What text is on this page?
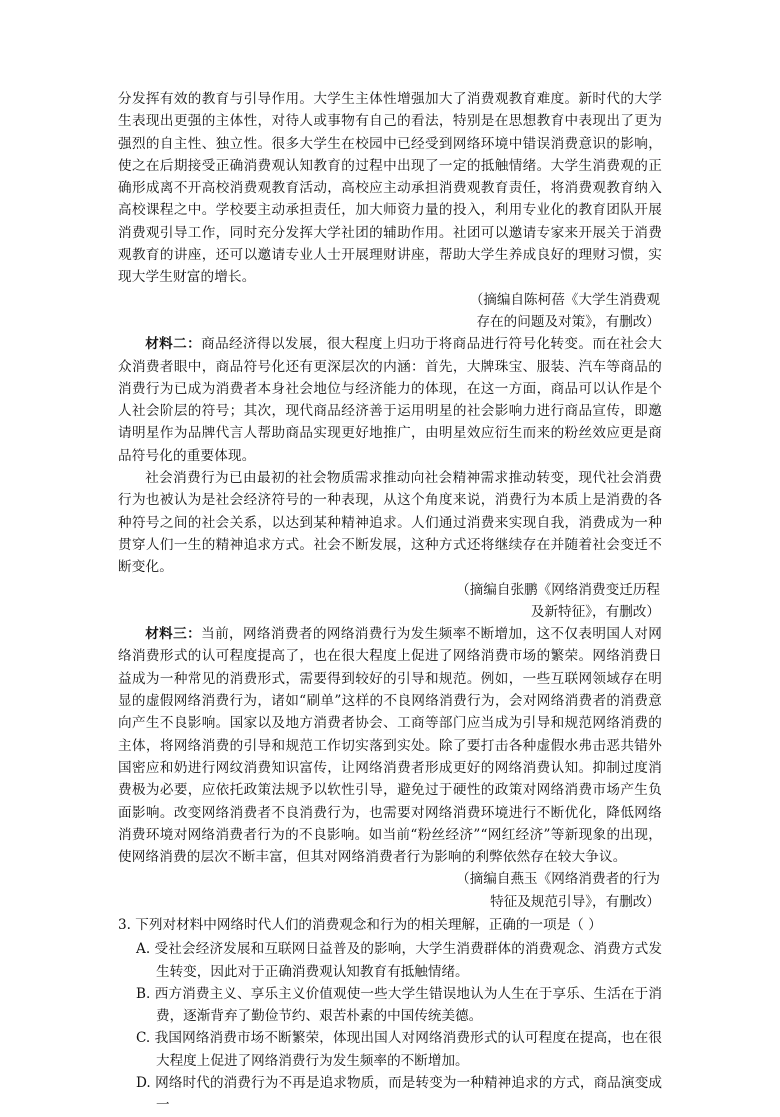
分发挥有效的教育与引导作用。大学生主体性增强加大了消费观教育难度。新时代的大学生表现出更强的主体性，对待人或事物有自己的看法，特别是在思想教育中表现出了更为强烈的自主性、独立性。很多大学生在校园中已经受到网络环境中错误消费意识的影响，使之在后期接受正确消费观认知教育的过程中出现了一定的抵触情绪。大学生消费观的正确形成离不开高校消费观教育活动，高校应主动承担消费观教育责任，将消费观教育纳入高校课程之中。学校要主动承担责任，加大师资力量的投入，利用专业化的教育团队开展消费观引导工作，同时充分发挥大学社团的辅助作用。社团可以邀请专家来开展关于消费观教育的讲座，还可以邀请专业人士开展理财讲座，帮助大学生养成良好的理财习惯，实现大学生财富的增长。

（摘编自陈柯蓓《大学生消费观

存在的问题及对策》，有删改）

材料二：商品经济得以发展，很大程度上归功于将商品进行符号化转变。而在社会大众消费者眼中，商品符号化还有更深层次的内涵：首先，大牌珠宝、服装、汽车等商品的消费行为已成为消费者本身社会地位与经济能力的体现，在这一方面，商品可以认作是个人社会阶层的符号；其次，现代商品经济善于运用明星的社会影响力进行商品宣传，即邀请明星作为品牌代言人帮助商品实现更好地推广，由明星效应衍生而来的粉丝效应更是商品符号化的重要体现。

社会消费行为已由最初的社会物质需求推动向社会精神需求推动转变，现代社会消费行为也被认为是社会经济符号的一种表现，从这个角度来说，消费行为本质上是消费的各种符号之间的社会关系，以达到某种精神追求。人们通过消费来实现自我，消费成为一种贯穿人们一生的精神追求方式。社会不断发展，这种方式还将继续存在并随着社会变迁不断变化。

（摘编自张鹏《网络消费变迁历程

及新特征》，有删改）

材料三：当前，网络消费者的网络消费行为发生频率不断增加，这不仅表明国人对网络消费形式的认可程度提高了，也在很大程度上促进了网络消费市场的繁荣。网络消费日益成为一种常见的消费形式，需要得到较好的引导和规范。例如，一些互联网领域存在明显的虚假网络消费行为，诸如“刷单”这样的不良网络消费行为，会对网络消费者的消费意向产生不良影响。国家以及地方消费者协会、工商等部门应当成为引导和规范网络消费的主体，将网络消费的引导和规范工作切实落到实处。除了要打击各种虚假水弗击恶共错外国密应和奶进行网纹消费知识富传，让网络消费者形成更好的网络消费认知。抑制过度消费极为必要，应依托政策法规予以软性引导，避免过于硬性的政策对网络消费市场产生负面影响。改变网络消费者不良消费行为，也需要对网络消费环境进行不断优化，降低网络消费环境对网络消费者行为的不良影响。如当前“粉丝经济”“网红经济”等新现象的出现，使网络消费的层次不断丰富，但其对网络消费者行为影响的利弊依然存在较大争议。

（摘编自燕玉《网络消费者的行为

特征及规范引导》，有删改）

3. 下列对材料中网络时代人们的消费观念和行为的相关理解，正确的一项是（ ）

A. 受社会经济发展和互联网日益普及的影响，大学生消费群体的消费观念、消费方式发生转变，因此对于正确消费观认知教育有抵触情绪。

B. 西方消费主义、享乐主义价值观使一些大学生错误地认为人生在于享乐、生活在于消费，逐渐背弃了勤俭节约、艰苦朴素的中国传统美德。

C. 我国网络消费市场不断繁荣，体现出国人对网络消费形式的认可程度在提高，也在很大程度上促进了网络消费行为发生频率的不断增加。

D. 网络时代的消费行为不再是追求物质，而是转变为一种精神追求的方式，商品演变成一
